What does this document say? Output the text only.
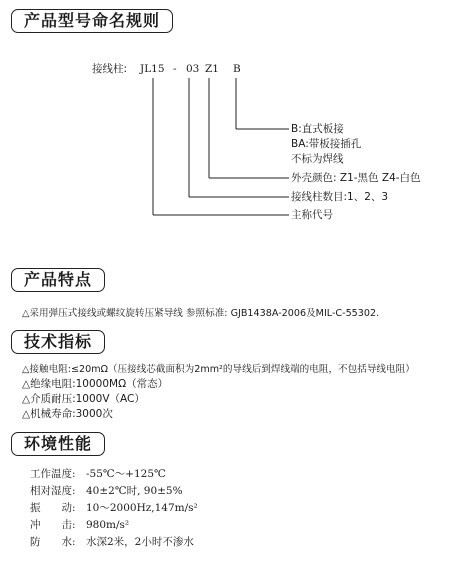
产品型号命名规则
接线柱: JL15 - 03 Z1 B
B:直式板接
BA:带板接插孔
不标为焊线
外壳颜色: Z1-黑色 Z4-白色
接线柱数目:1、2、3
主称代号
产品特点
△采用弹压式接线或螺纹旋转压紧导线 参照标准: GJB1438A-2006及MIL-C-55302.
技术指标
△接触电阻:≤20mΩ（压接线芯截面积为2mm²的导线后到焊线端的电阻，不包括导线电阻）
△绝缘电阻:10000MΩ（常态）
△介质耐压:1000V（AC）
△机械寿命:3000次
环境性能
工作温度: -55℃～+125℃
相对湿度: 40±2℃时, 90±5%
振　　动: 10～2000Hz,147m/s²
冲　　击: 980m/s²
防　　水: 水深2米，2小时不渗水
